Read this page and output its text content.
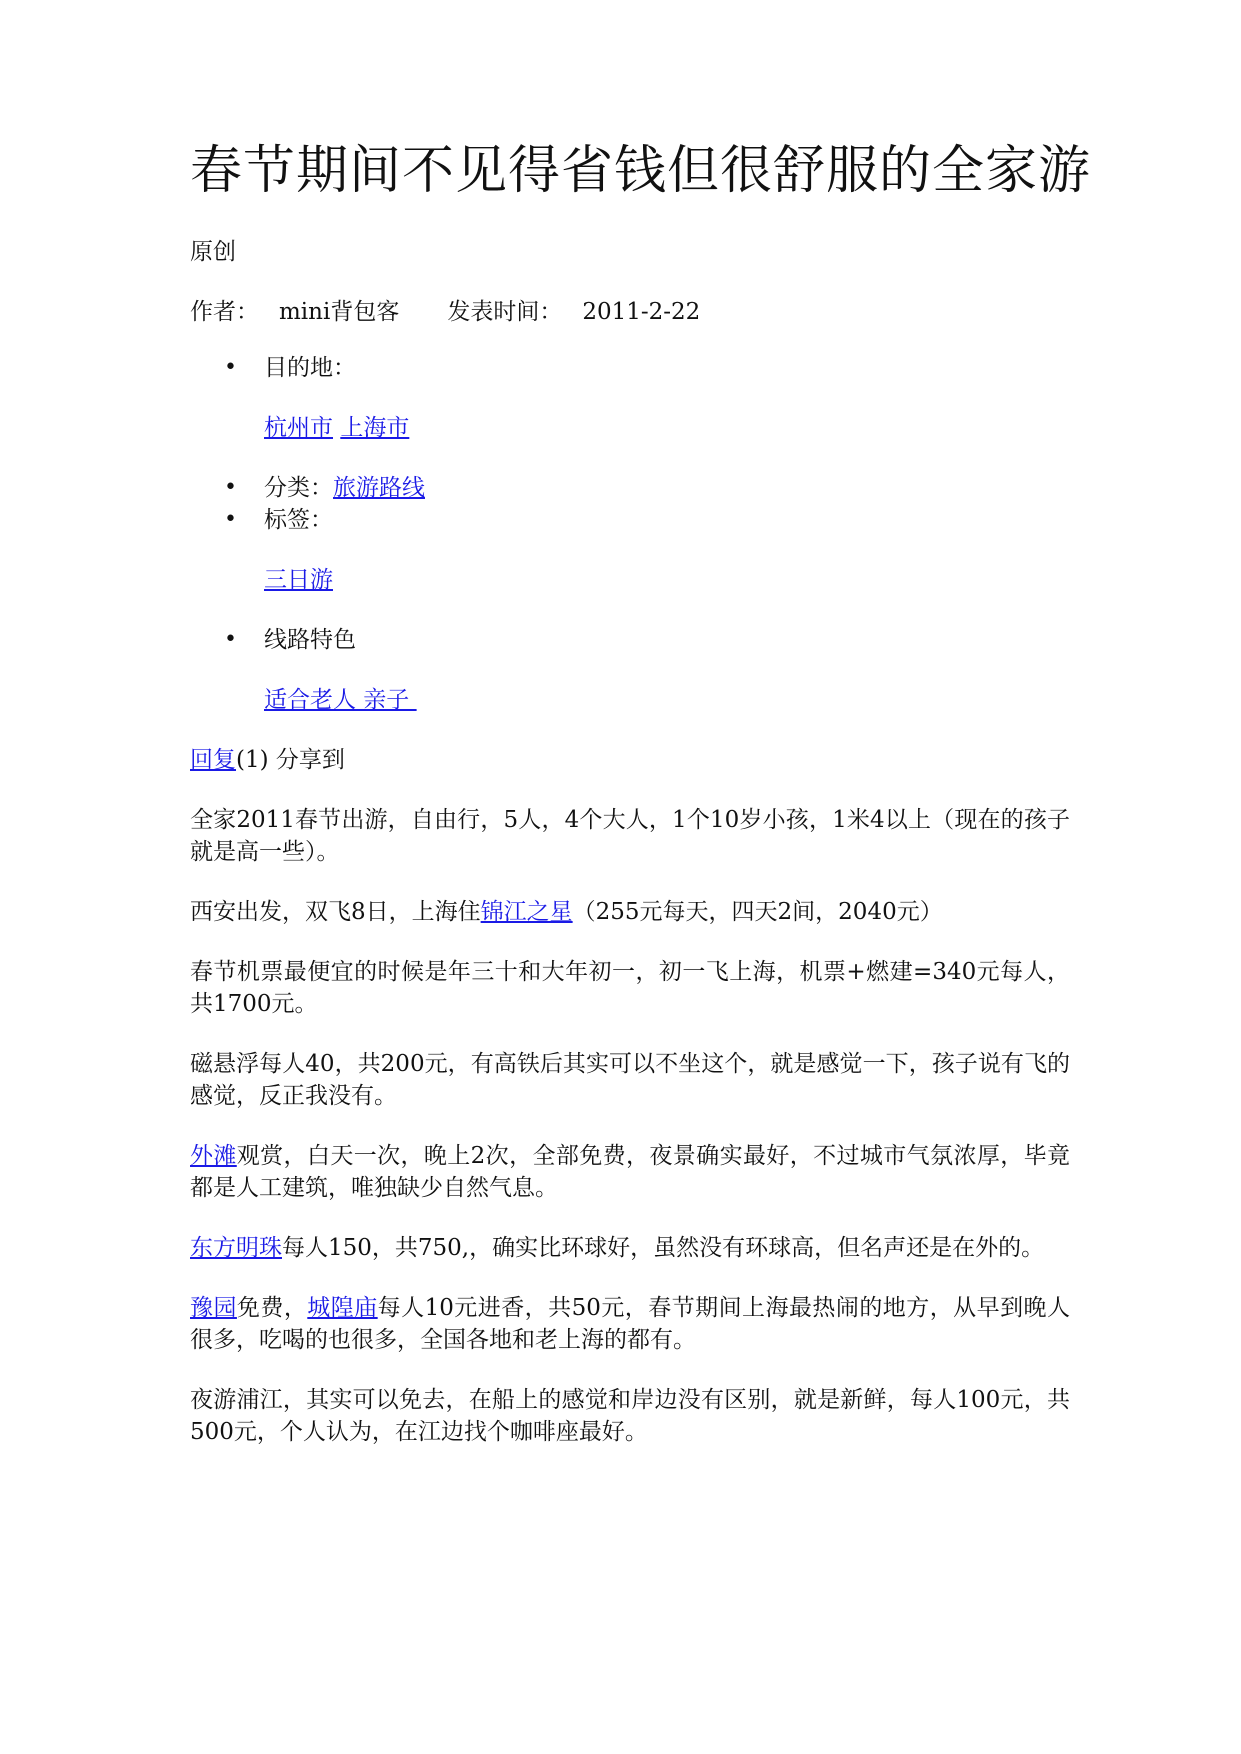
春节期间不见得省钱但很舒服的全家游
原创
作者： mini背包客 发表时间： 2011-2-22
• 目的地：
杭州市 上海市
• 分类：旅游路线
• 标签：
三日游
• 线路特色
适合老人 亲子
回复(1) 分享到

全家2011春节出游，自由行，5人，4个大人，1个10岁小孩，1米4以上（现在的孩子就是高一些）。

西安出发，双飞8日，上海住锦江之星（255元每天，四天2间，2040元）

春节机票最便宜的时候是年三十和大年初一，初一飞上海，机票+燃建=340元每人，共1700元。

磁悬浮每人40，共200元，有高铁后其实可以不坐这个，就是感觉一下，孩子说有飞的感觉，反正我没有。

外滩观赏，白天一次，晚上2次，全部免费，夜景确实最好，不过城市气氛浓厚，毕竟都是人工建筑，唯独缺少自然气息。

东方明珠每人150，共750,，确实比环球好，虽然没有环球高，但名声还是在外的。

豫园免费，城隍庙每人10元进香，共50元，春节期间上海最热闹的地方，从早到晚人很多，吃喝的也很多，全国各地和老上海的都有。

夜游浦江，其实可以免去，在船上的感觉和岸边没有区别，就是新鲜，每人100元，共500元，个人认为，在江边找个咖啡座最好。
